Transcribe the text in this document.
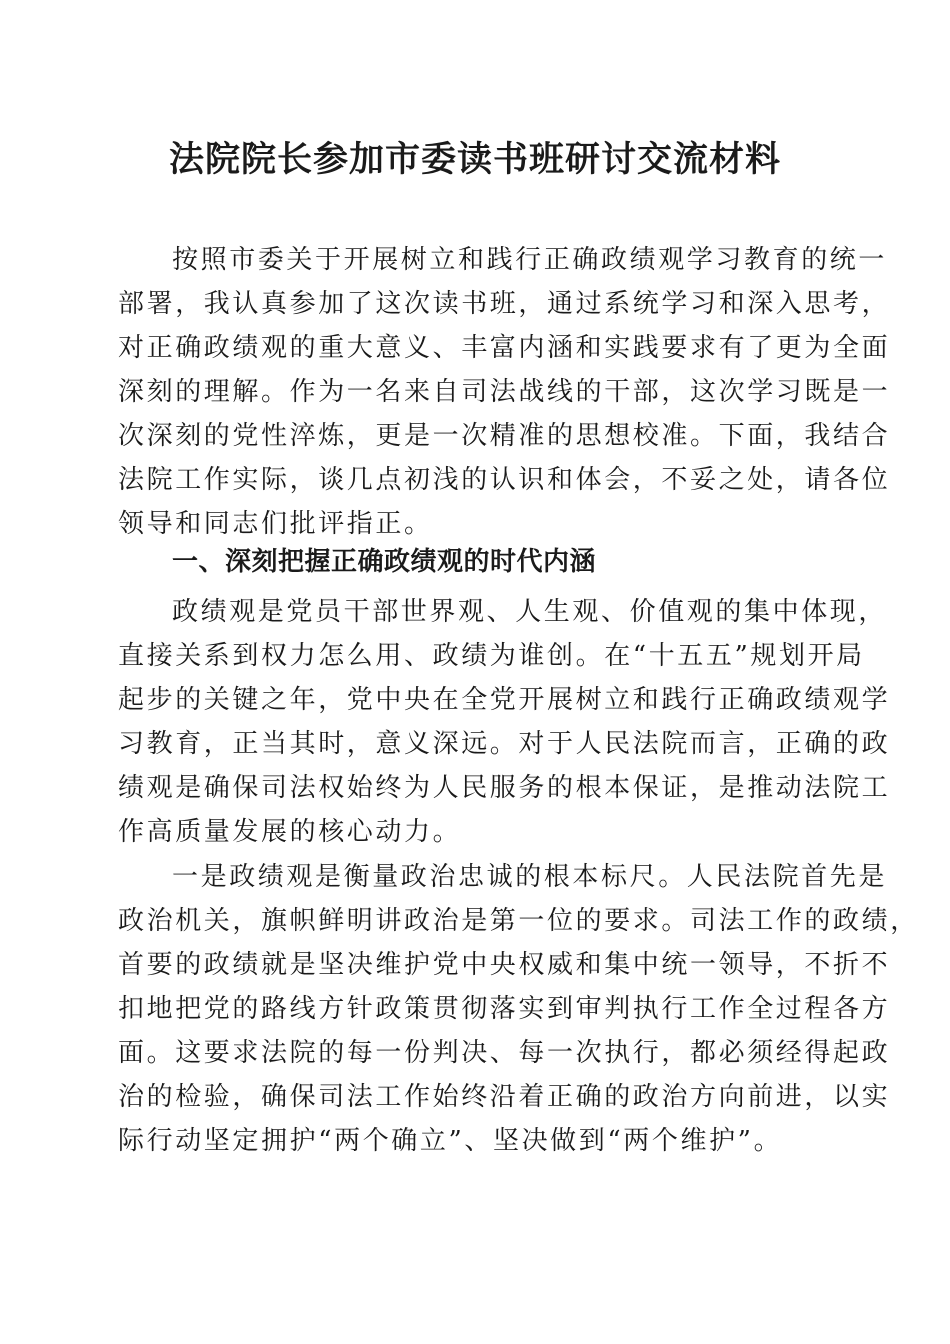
法院院长参加市委读书班研讨交流材料
按照市委关于开展树立和践行正确政绩观学习教育的统一
部署，我认真参加了这次读书班，通过系统学习和深入思考，
对正确政绩观的重大意义、丰富内涵和实践要求有了更为全面
深刻的理解。作为一名来自司法战线的干部，这次学习既是一
次深刻的党性淬炼，更是一次精准的思想校准。下面，我结合
法院工作实际，谈几点初浅的认识和体会，不妥之处，请各位
领导和同志们批评指正。
一、深刻把握正确政绩观的时代内涵
政绩观是党员干部世界观、人生观、价值观的集中体现，
直接关系到权力怎么用、政绩为谁创。在“十五五”规划开局
起步的关键之年，党中央在全党开展树立和践行正确政绩观学
习教育，正当其时，意义深远。对于人民法院而言，正确的政
绩观是确保司法权始终为人民服务的根本保证，是推动法院工
作高质量发展的核心动力。
一是政绩观是衡量政治忠诚的根本标尺。人民法院首先是
政治机关，旗帜鲜明讲政治是第一位的要求。司法工作的政绩，
首要的政绩就是坚决维护党中央权威和集中统一领导，不折不
扣地把党的路线方针政策贯彻落实到审判执行工作全过程各方
面。这要求法院的每一份判决、每一次执行，都必须经得起政
治的检验，确保司法工作始终沿着正确的政治方向前进，以实
际行动坚定拥护“两个确立”、坚决做到“两个维护”。
